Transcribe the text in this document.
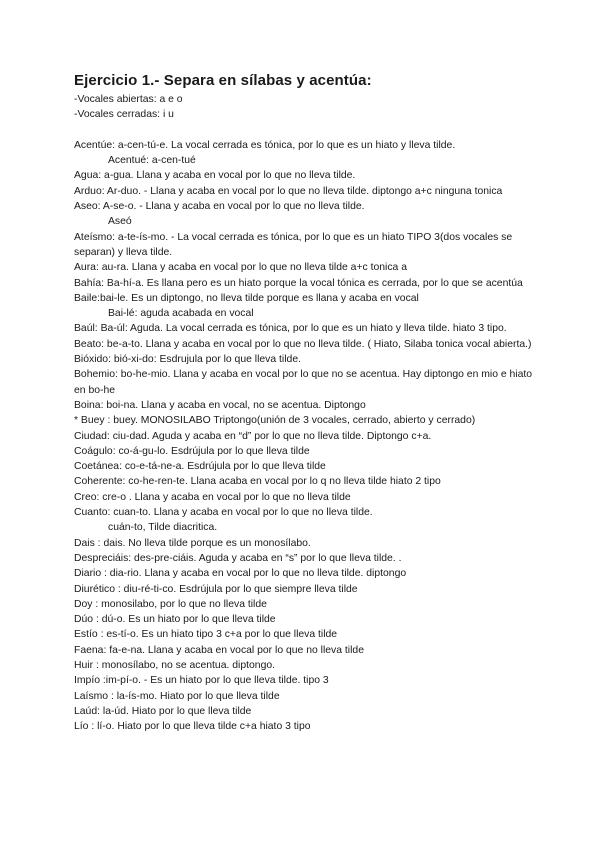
Ejercicio 1.- Separa en sílabas y acentúa:
-Vocales abiertas: a e o
-Vocales cerradas: i u
Acentúe: a-cen-tú-e. La vocal cerrada es tónica, por lo que es un hiato y lleva tilde.
Acentué: a-cen-tué
Agua: a-gua. Llana y acaba en vocal por lo que no lleva tilde.
Arduo: Ar-duo. - Llana y acaba en vocal por lo que no lleva tilde. diptongo a+c ninguna tonica
Aseo: A-se-o. - Llana y acaba en vocal por lo que no lleva tilde.
Aseó
Ateísmo: a-te-ís-mo. - La vocal cerrada es tónica, por lo que es un hiato TIPO 3(dos vocales se separan) y lleva tilde.
Aura: au-ra. Llana y acaba en vocal por lo que no lleva tilde a+c tonica a
Bahía: Ba-hí-a. Es llana pero es un hiato porque la vocal tónica es cerrada, por lo que se acentúa
Baile:bai-le. Es un diptongo, no lleva tilde porque es llana y acaba en vocal
Bai-lé: aguda acabada en vocal
Baúl: Ba-úl: Aguda. La vocal cerrada es tónica, por lo que es un hiato y lleva tilde. hiato 3 tipo.
Beato: be-a-to. Llana y acaba en vocal por lo que no lleva tilde. ( Hiato, Silaba tonica vocal abierta.)
Bióxido: bió-xi-do: Esdrujula por lo que lleva tilde.
Bohemio: bo-he-mio. Llana y acaba en vocal por lo que no se acentua. Hay diptongo en mio e hiato en bo-he
Boina: boi-na. Llana y acaba en vocal, no se acentua. Diptongo
* Buey : buey. MONOSILABO Triptongo(unión de 3 vocales, cerrado, abierto y cerrado)
Ciudad: ciu-dad. Aguda y acaba en “d” por lo que no lleva tilde. Diptongo c+a.
Coágulo: co-á-gu-lo. Esdrújula por lo que lleva tilde
Coetánea: co-e-tá-ne-a. Esdrújula por lo que lleva tilde
Coherente: co-he-ren-te. Llana acaba en vocal por lo q no lleva tilde hiato 2 tipo
Creo: cre-o . Llana y acaba en vocal por lo que no lleva tilde
Cuanto: cuan-to. Llana y acaba en vocal por lo que no lleva tilde.
cuán-to, Tilde diacritica.
Dais : dais. No lleva tilde porque es un monosílabo.
Despreciáis: des-pre-ciáis. Aguda y acaba en “s” por lo que lleva tilde. .
Diario : dia-rio. Llana y acaba en vocal por lo que no lleva tilde. diptongo
Diurético : diu-ré-ti-co. Esdrújula por lo que siempre lleva tilde
Doy : monosilabo, por lo que no lleva tilde
Dúo : dú-o. Es un hiato por lo que lleva tilde
Estío : es-tí-o. Es un hiato tipo 3 c+a por lo que lleva tilde
Faena: fa-e-na. Llana y acaba en vocal por lo que no lleva tilde
Huir : monosílabo, no se acentua. diptongo.
Impío :im-pí-o. - Es un hiato por lo que lleva tilde. tipo 3
Laísmo : la-ís-mo. Hiato por lo que lleva tilde
Laúd: la-úd. Hiato por lo que lleva tilde
Lío : lí-o. Hiato por lo que lleva tilde c+a hiato 3 tipo
